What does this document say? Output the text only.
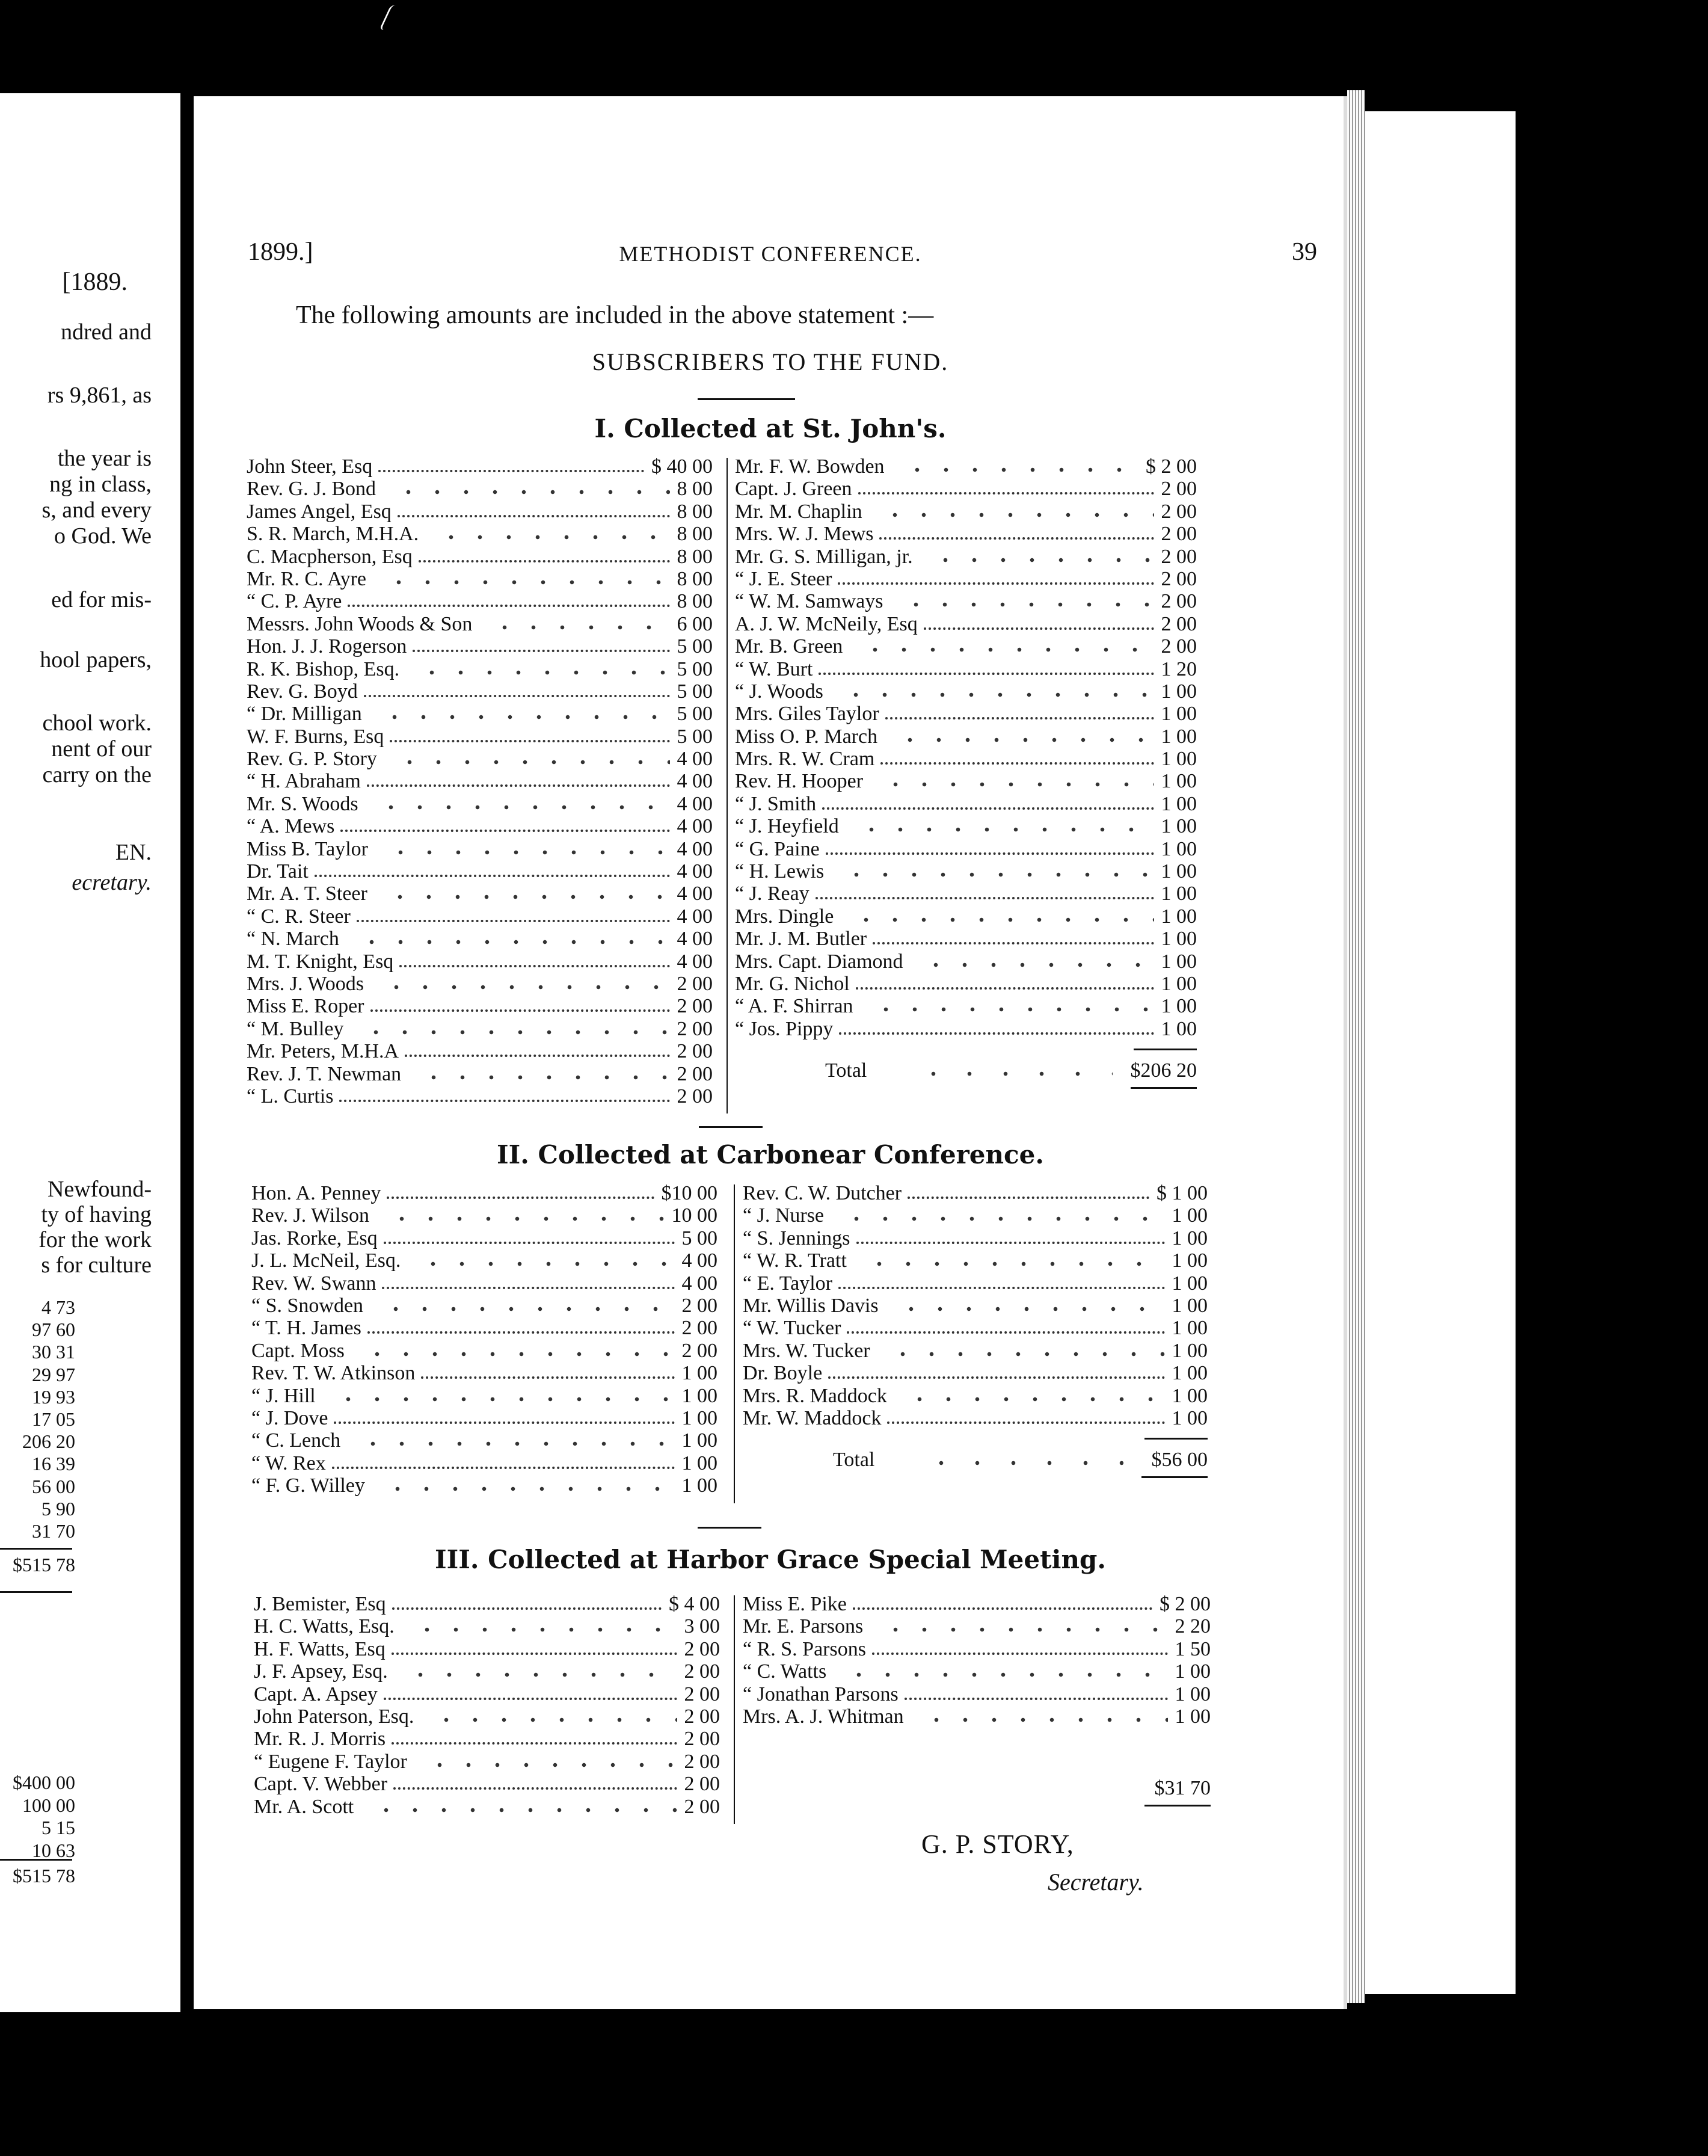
[1889.
ndred and
rs 9,861, as
the year is
ng in class,
s, and every
o God. We
ed for mis-
hool papers,
chool work.
nent of our
carry on the
EN.
ecretary.
Newfound-
ty of having
for the work
s for culture
4 73
97 60
30 31
29 97
19 93
17 05
206 20
16 39
56 00
5 90
31 70
$515 78
$400 00
100 00
5 15
10 63
$515 78
1899.]	METHODIST CONFERENCE.	39
The following amounts are included in the above statement :—
SUBSCRIBERS TO THE FUND.
G. P. STORY,
Secretary.
I. Collected at St. John's.
John Steer, Esq	$ 40 00
Rev. G. J. Bond	8 00
James Angel, Esq	8 00
S. R. March, M.H.A.	8 00
C. Macpherson, Esq	8 00
Mr. R. C. Ayre	8 00
“ C. P. Ayre	8 00
Messrs. John Woods & Son	6 00
Hon. J. J. Rogerson	5 00
R. K. Bishop, Esq.	5 00
Rev. G. Boyd	5 00
“ Dr. Milligan	5 00
W. F. Burns, Esq	5 00
Rev. G. P. Story	4 00
“ H. Abraham	4 00
Mr. S. Woods	4 00
“ A. Mews	4 00
Miss B. Taylor	4 00
Dr. Tait	4 00
Mr. A. T. Steer	4 00
“ C. R. Steer	4 00
“ N. March	4 00
M. T. Knight, Esq	4 00
Mrs. J. Woods	2 00
Miss E. Roper	2 00
“ M. Bulley	2 00
Mr. Peters, M.H.A	2 00
Rev. J. T. Newman	2 00
“ L. Curtis	2 00
Mr. F. W. Bowden	$ 2 00
Capt. J. Green	2 00
Mr. M. Chaplin	2 00
Mrs. W. J. Mews	2 00
Mr. G. S. Milligan, jr.	2 00
“ J. E. Steer	2 00
“ W. M. Samways	2 00
A. J. W. McNeily, Esq	2 00
Mr. B. Green	2 00
“ W. Burt	1 20
“ J. Woods	1 00
Mrs. Giles Taylor	1 00
Miss O. P. March	1 00
Mrs. R. W. Cram	1 00
Rev. H. Hooper	1 00
“ J. Smith	1 00
“ J. Heyfield	1 00
“ G. Paine	1 00
“ H. Lewis	1 00
“ J. Reay	1 00
Mrs. Dingle	1 00
Mr. J. M. Butler	1 00
Mrs. Capt. Diamond	1 00
Mr. G. Nichol	1 00
“ A. F. Shirran	1 00
“ Jos. Pippy	1 00
Total	$206 20
II. Collected at Carbonear Conference.
Hon. A. Penney	$10 00
Rev. J. Wilson	10 00
Jas. Rorke, Esq	5 00
J. L. McNeil, Esq.	4 00
Rev. W. Swann	4 00
“ S. Snowden	2 00
“ T. H. James	2 00
Capt. Moss	2 00
Rev. T. W. Atkinson	1 00
“ J. Hill	1 00
“ J. Dove	1 00
“ C. Lench	1 00
“ W. Rex	1 00
“ F. G. Willey	1 00
Rev. C. W. Dutcher	$ 1 00
“ J. Nurse	1 00
“ S. Jennings	1 00
“ W. R. Tratt	1 00
“ E. Taylor	1 00
Mr. Willis Davis	1 00
“ W. Tucker	1 00
Mrs. W. Tucker	1 00
Dr. Boyle	1 00
Mrs. R. Maddock	1 00
Mr. W. Maddock	1 00
Total	$56 00
III. Collected at Harbor Grace Special Meeting.
J. Bemister, Esq	$ 4 00
H. C. Watts, Esq.	3 00
H. F. Watts, Esq	2 00
J. F. Apsey, Esq.	2 00
Capt. A. Apsey	2 00
John Paterson, Esq.	2 00
Mr. R. J. Morris	2 00
“ Eugene F. Taylor	2 00
Capt. V. Webber	2 00
Mr. A. Scott	2 00
Miss E. Pike	$ 2 00
Mr. E. Parsons	2 20
“ R. S. Parsons	1 50
“ C. Watts	1 00
“ Jonathan Parsons	1 00
Mrs. A. J. Whitman	1 00
$31 70
